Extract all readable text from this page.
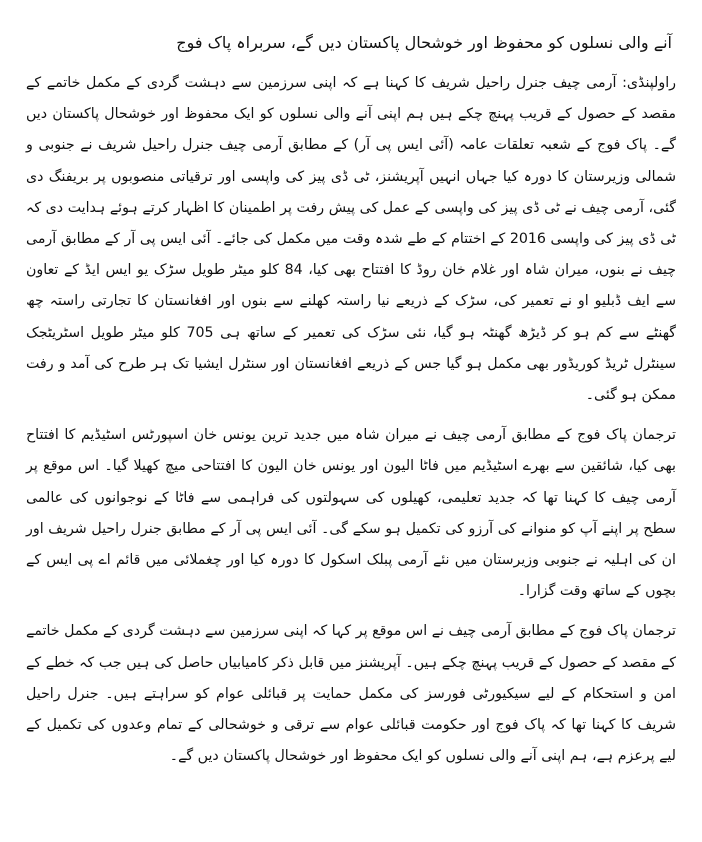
آنے والی نسلوں کو محفوظ اور خوشحال پاکستان دیں گے، سربراہ پاک فوج

راولپنڈی: آرمی چیف جنرل راحیل شریف کا کہنا ہے کہ اپنی سرزمین سے دہشت گردی کے مکمل خاتمے کے مقصد کے حصول کے قریب پہنچ چکے ہیں ہم اپنی آنے والی نسلوں کو ایک محفوظ اور خوشحال پاکستان دیں گے۔ پاک فوج کے شعبہ تعلقات عامہ (آئی ایس پی آر) کے مطابق آرمی چیف جنرل راحیل شریف نے جنوبی و شمالی وزیرستان کا دورہ کیا جہاں انہیں آپریشنز، ٹی ڈی پیز کی واپسی اور ترقیاتی منصوبوں پر بریفنگ دی گئی، آرمی چیف نے ٹی ڈی پیز کی واپسی کے عمل کی پیش رفت پر اطمینان کا اظہار کرتے ہوئے ہدایت دی کہ ٹی ڈی پیز کی واپسی 2016 کے اختتام کے طے شدہ وقت میں مکمل کی جائے۔ آئی ایس پی آر کے مطابق آرمی چیف نے بنوں، میران شاہ اور غلام خان روڈ کا افتتاح بھی کیا، 84 کلو میٹر طویل سڑک یو ایس ایڈ کے تعاون سے ایف ڈبلیو او نے تعمیر کی، سڑک کے ذریعے نیا راستہ کھلنے سے بنوں اور افغانستان کا تجارتی راستہ چھ گھنٹے سے کم ہو کر ڈیڑھ گھنٹہ ہو گیا، نئی سڑک کی تعمیر کے ساتھ ہی 705 کلو میٹر طویل اسٹریٹجک سینٹرل ٹریڈ کوریڈور بھی مکمل ہو گیا جس کے ذریعے افغانستان اور سنٹرل ایشیا تک ہر طرح کی آمد و رفت ممکن ہو گئی۔

ترجمان پاک فوج کے مطابق آرمی چیف نے میران شاہ میں جدید ترین یونس خان اسپورٹس اسٹیڈیم کا افتتاح بھی کیا، شائقین سے بھرے اسٹیڈیم میں فاٹا الیون اور یونس خان الیون کا افتتاحی میچ کھیلا گیا۔ اس موقع پر آرمی چیف کا کہنا تھا کہ جدید تعلیمی، کھیلوں کی سہولتوں کی فراہمی سے فاٹا کے نوجوانوں کی عالمی سطح پر اپنے آپ کو منوانے کی آرزو کی تکمیل ہو سکے گی۔ آئی ایس پی آر کے مطابق جنرل راحیل شریف اور ان کی اہلیہ نے جنوبی وزیرستان میں نئے آرمی پبلک اسکول کا دورہ کیا اور چغملائی میں قائم اے پی ایس کے بچوں کے ساتھ وقت گزارا۔

ترجمان پاک فوج کے مطابق آرمی چیف نے اس موقع پر کہا کہ اپنی سرزمین سے دہشت گردی کے مکمل خاتمے کے مقصد کے حصول کے قریب پہنچ چکے ہیں۔ آپریشنز میں قابل ذکر کامیابیاں حاصل کی ہیں جب کہ خطے کے امن و استحکام کے لیے سیکیورٹی فورسز کی مکمل حمایت پر قبائلی عوام کو سراہتے ہیں۔ جنرل راحیل شریف کا کہنا تھا کہ پاک فوج اور حکومت قبائلی عوام سے ترقی و خوشحالی کے تمام وعدوں کی تکمیل کے لیے پرعزم ہے، ہم اپنی آنے والی نسلوں کو ایک محفوظ اور خوشحال پاکستان دیں گے۔
